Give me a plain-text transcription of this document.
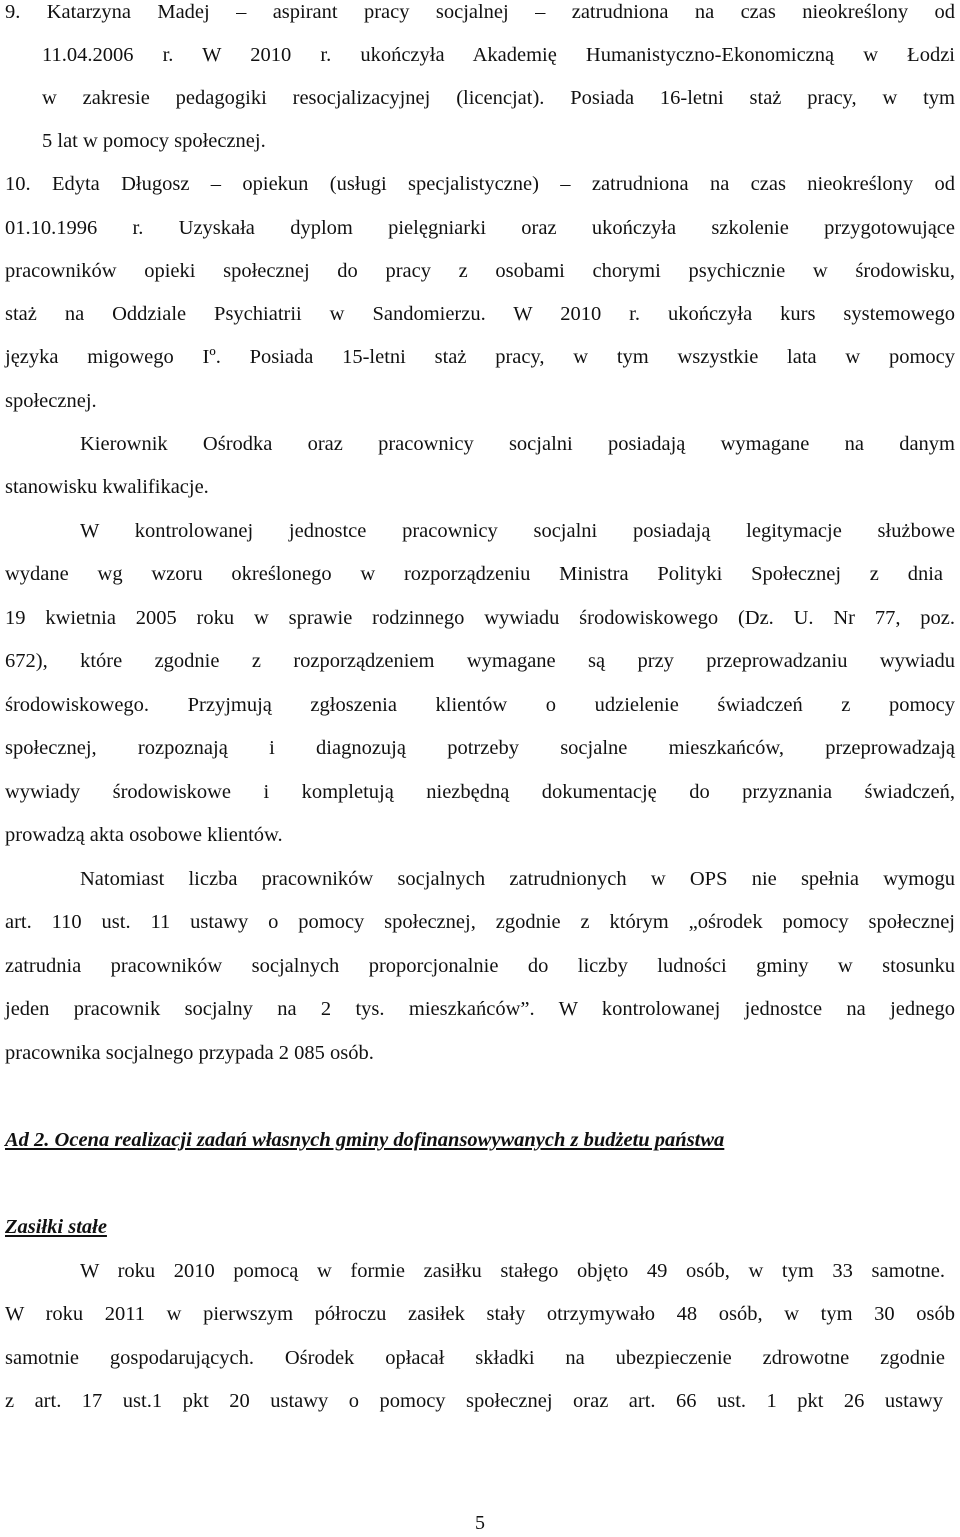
9. Katarzyna Madej – aspirant pracy socjalnej – zatrudniona na czas nieokreślony od
11.04.2006 r. W 2010 r. ukończyła Akademię Humanistyczno-Ekonomiczną w Łodzi
w zakresie pedagogiki resocjalizacyjnej (licencjat). Posiada 16-letni staż pracy, w tym
5 lat w pomocy społecznej.
10. Edyta Długosz – opiekun (usługi specjalistyczne) – zatrudniona na czas nieokreślony od
01.10.1996 r. Uzyskała dyplom pielęgniarki oraz ukończyła szkolenie przygotowujące
pracowników opieki społecznej do pracy z osobami chorymi psychicznie w środowisku,
staż na Oddziale Psychiatrii w Sandomierzu. W 2010 r. ukończyła kurs systemowego
języka migowego Iº. Posiada 15-letni staż pracy, w tym wszystkie lata w pomocy
społecznej.
Kierownik Ośrodka oraz pracownicy socjalni posiadają wymagane na danym
stanowisku kwalifikacje.
W kontrolowanej jednostce pracownicy socjalni posiadają legitymacje służbowe
wydane wg wzoru określonego w rozporządzeniu Ministra Polityki Społecznej z dnia
19 kwietnia 2005 roku w sprawie rodzinnego wywiadu środowiskowego (Dz. U. Nr 77, poz.
672), które zgodnie z rozporządzeniem wymagane są przy przeprowadzaniu wywiadu
środowiskowego. Przyjmują zgłoszenia klientów o udzielenie świadczeń z pomocy
społecznej, rozpoznają i diagnozują potrzeby socjalne mieszkańców, przeprowadzają
wywiady środowiskowe i kompletują niezbędną dokumentację do przyznania świadczeń,
prowadzą akta osobowe klientów.
Natomiast liczba pracowników socjalnych zatrudnionych w OPS nie spełnia wymogu
art. 110 ust. 11 ustawy o pomocy społecznej, zgodnie z którym „ośrodek pomocy społecznej
zatrudnia pracowników socjalnych proporcjonalnie do liczby ludności gminy w stosunku
jeden pracownik socjalny na 2 tys. mieszkańców”. W kontrolowanej jednostce na jednego
pracownika socjalnego przypada 2 085 osób.
Ad 2. Ocena realizacji zadań własnych gminy dofinansowywanych z budżetu państwa
Zasiłki stałe
W roku 2010 pomocą w formie zasiłku stałego objęto 49 osób, w tym 33 samotne.
W roku 2011 w pierwszym półroczu zasiłek stały otrzymywało 48 osób, w tym 30 osób
samotnie gospodarujących. Ośrodek opłacał składki na ubezpieczenie zdrowotne zgodnie
z art. 17 ust.1 pkt 20 ustawy o pomocy społecznej oraz art. 66 ust. 1 pkt 26 ustawy
5
